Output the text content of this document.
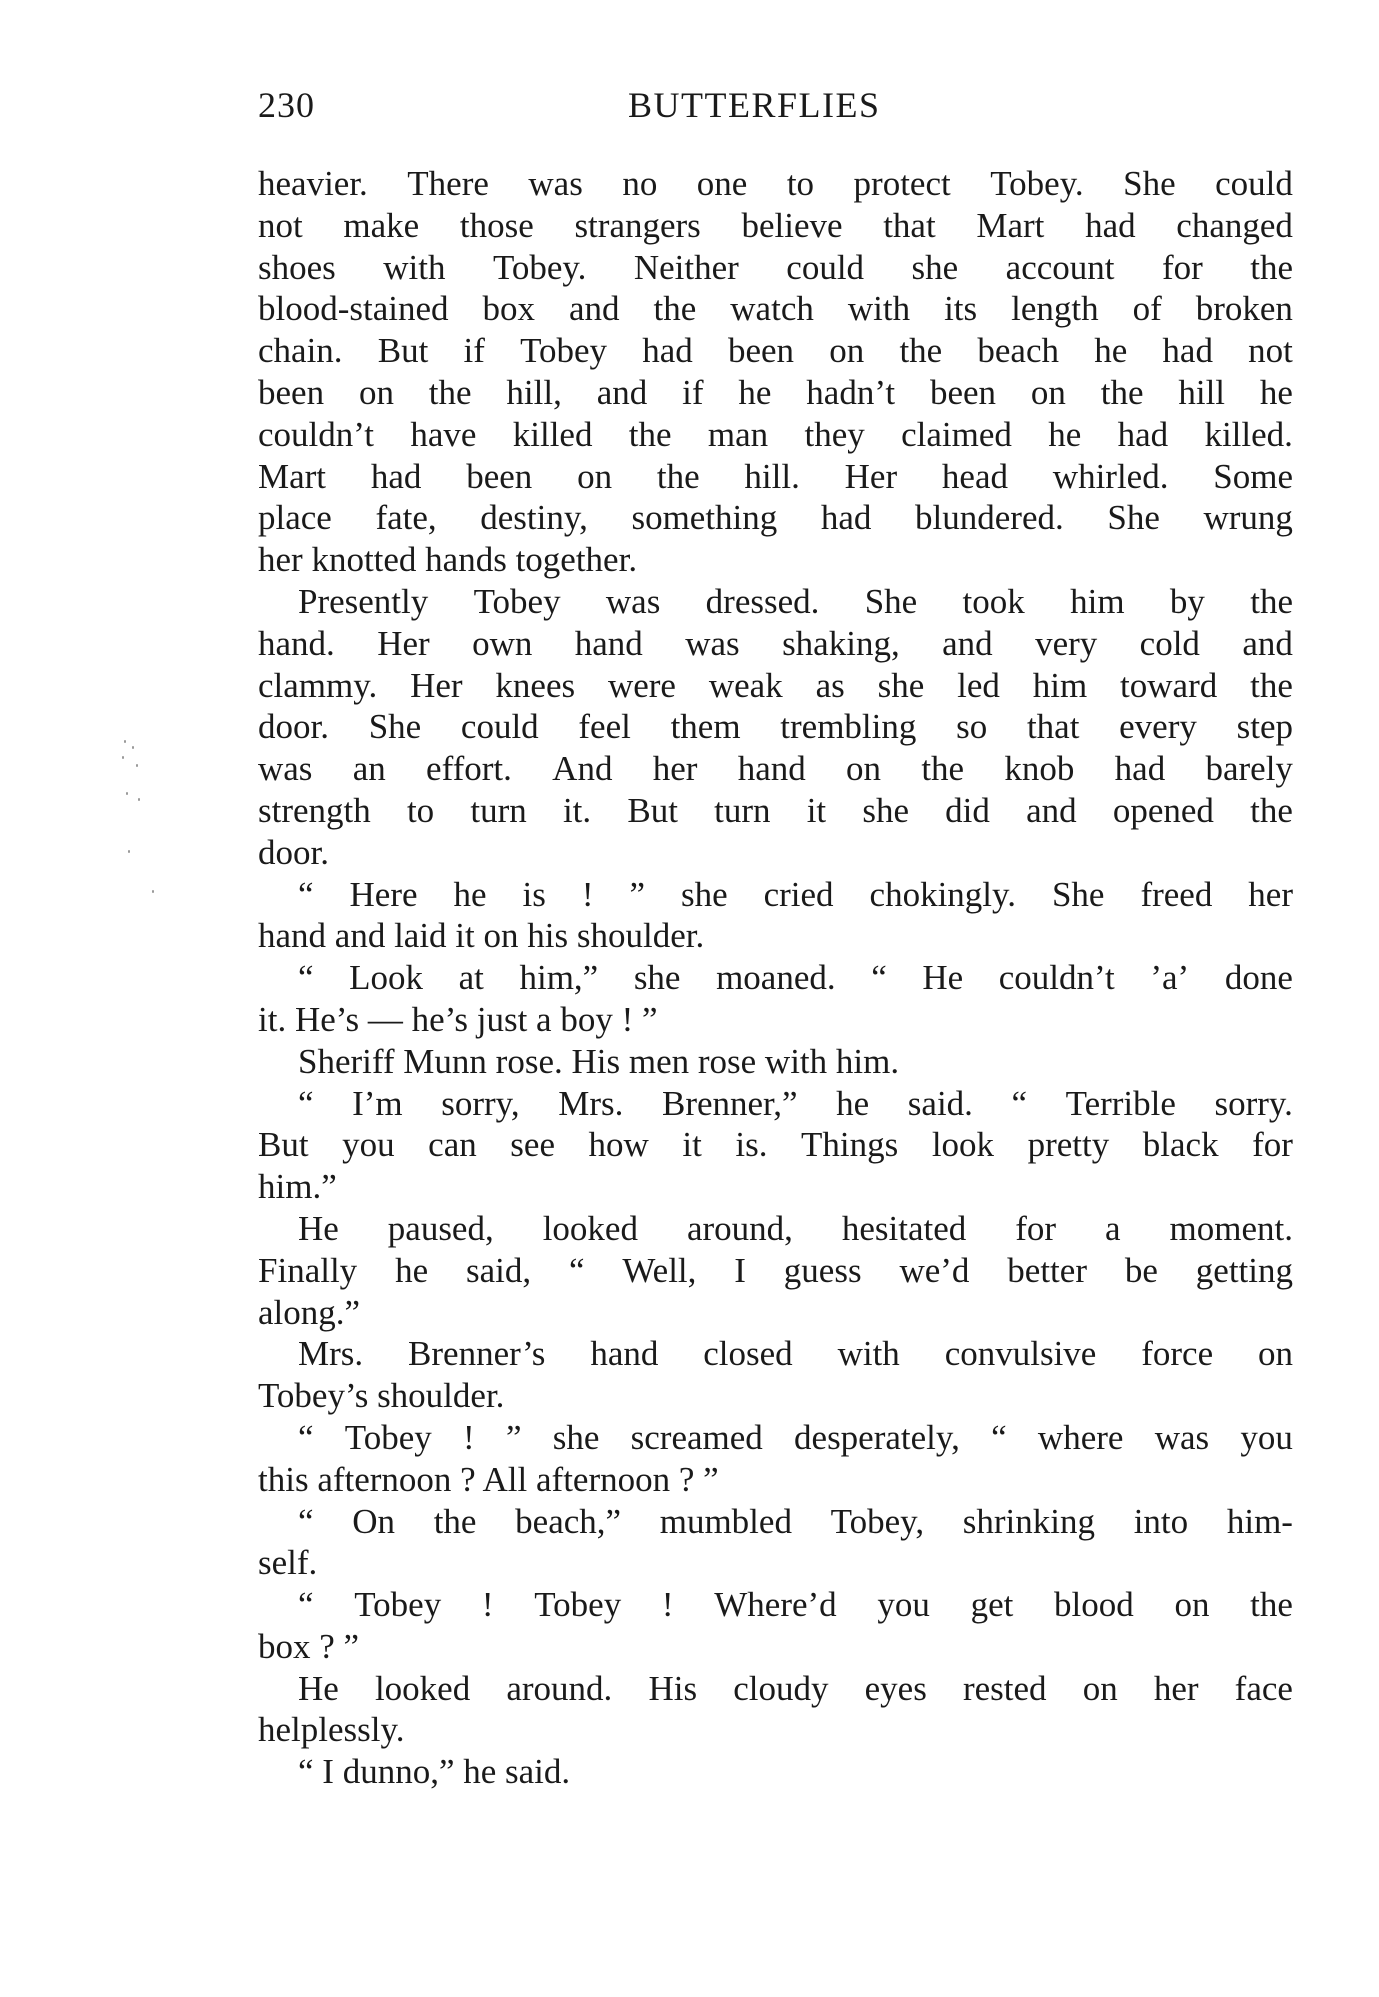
230	BUTTERFLIES
heavier. There was no one to protect Tobey. She could
not make those strangers believe that Mart had changed
shoes with Tobey. Neither could she account for the
blood-stained box and the watch with its length of broken
chain. But if Tobey had been on the beach he had not
been on the hill, and if he hadn’t been on the hill he
couldn’t have killed the man they claimed he had killed.
Mart had been on the hill. Her head whirled. Some
place fate, destiny, something had blundered. She wrung
her knotted hands together.
Presently Tobey was dressed. She took him by the
hand. Her own hand was shaking, and very cold and
clammy. Her knees were weak as she led him toward the
door. She could feel them trembling so that every step
was an effort. And her hand on the knob had barely
strength to turn it. But turn it she did and opened the
door.
“ Here he is ! ” she cried chokingly. She freed her
hand and laid it on his shoulder.
“ Look at him,” she moaned. “ He couldn’t ’a’ done
it. He’s — he’s just a boy ! ”
Sheriff Munn rose. His men rose with him.
“ I’m sorry, Mrs. Brenner,” he said. “ Terrible sorry.
But you can see how it is. Things look pretty black for
him.”
He paused, looked around, hesitated for a moment.
Finally he said, “ Well, I guess we’d better be getting
along.”
Mrs. Brenner’s hand closed with convulsive force on
Tobey’s shoulder.
“ Tobey ! ” she screamed desperately, “ where was you
this afternoon ? All afternoon ? ”
“ On the beach,” mumbled Tobey, shrinking into him-
self.
“ Tobey ! Tobey ! Where’d you get blood on the
box ? ”
He looked around. His cloudy eyes rested on her face
helplessly.
“ I dunno,” he said.
